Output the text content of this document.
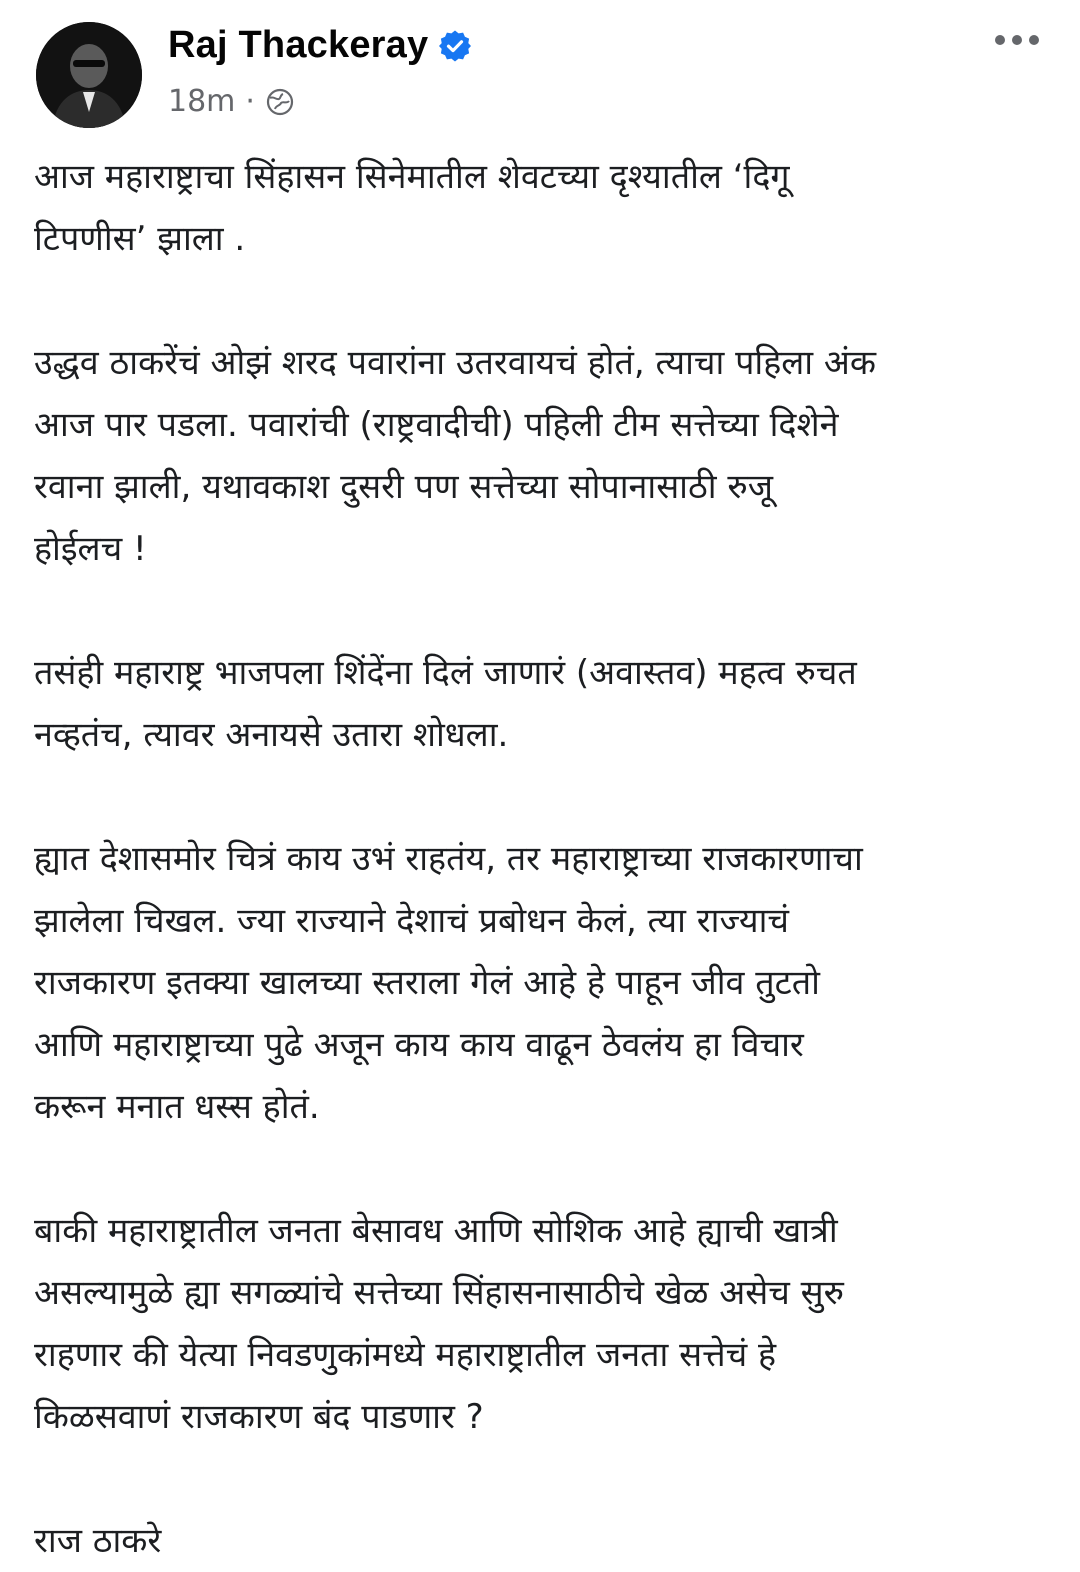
Raj Thackeray
18m ·

आज महाराष्ट्राचा सिंहासन सिनेमातील शेवटच्या दृश्यातील ‘दिगू
टिपणीस’ झाला .

उद्धव ठाकरेंचं ओझं शरद पवारांना उतरवायचं होतं, त्याचा पहिला अंक
आज पार पडला. पवारांची (राष्ट्रवादीची) पहिली टीम सत्तेच्या दिशेने
रवाना झाली, यथावकाश दुसरी पण सत्तेच्या सोपानासाठी रुजू
होईलच !

तसंही महाराष्ट्र भाजपला शिंदेंना दिलं जाणारं (अवास्तव) महत्व रुचत
नव्हतंच, त्यावर अनायसे उतारा शोधला.

ह्यात देशासमोर चित्रं काय उभं राहतंय, तर महाराष्ट्राच्या राजकारणाचा
झालेला चिखल. ज्या राज्याने देशाचं प्रबोधन केलं, त्या राज्याचं
राजकारण इतक्या खालच्या स्तराला गेलं आहे हे पाहून जीव तुटतो
आणि महाराष्ट्राच्या पुढे अजून काय काय वाढून ठेवलंय हा विचार
करून मनात धस्स होतं.

बाकी महाराष्ट्रातील जनता बेसावध आणि सोशिक आहे ह्याची खात्री
असल्यामुळे ह्या सगळ्यांचे सत्तेच्या सिंहासनासाठीचे खेळ असेच सुरु
राहणार की येत्या निवडणुकांमध्ये महाराष्ट्रातील जनता सत्तेचं हे
किळसवाणं राजकारण बंद पाडणार ?

राज ठाकरे
